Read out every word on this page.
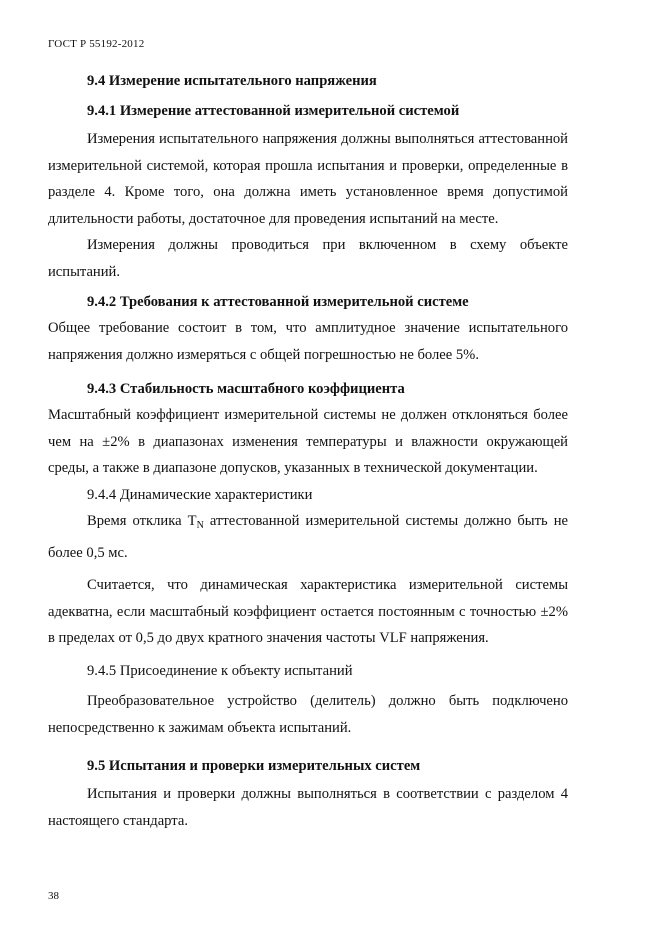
ГОСТ Р 55192-2012

9.4 Измерение испытательного напряжения

9.4.1 Измерение аттестованной измерительной системой

Измерения испытательного напряжения должны выполняться аттестованной измерительной системой, которая прошла испытания и проверки, определенные в разделе 4. Кроме того, она должна иметь установленное время допустимой длительности работы, достаточное для проведения испытаний на месте.

Измерения должны проводиться при включенном в схему объекте испытаний.

9.4.2 Требования к аттестованной измерительной системе

Общее требование состоит в том, что амплитудное значение испытательного напряжения должно измеряться с общей погрешностью не более 5%.

9.4.3 Стабильность масштабного коэффициента

Масштабный коэффициент измерительной системы не должен отклоняться более чем на ±2% в диапазонах изменения температуры и влажности окружающей среды, а также в диапазоне допусков, указанных в технической документации.

9.4.4 Динамические характеристики

Время отклика $T_N$ аттестованной измерительной системы должно быть не более 0,5 мс.

Считается, что динамическая характеристика измерительной системы адекватна, если масштабный коэффициент остается постоянным с точностью ±2% в пределах от 0,5 до двух кратного значения частоты VLF напряжения.

9.4.5 Присоединение к объекту испытаний

Преобразовательное устройство (делитель) должно быть подключено непосредственно к зажимам объекта испытаний.

9.5 Испытания и проверки измерительных систем

Испытания и проверки должны выполняться в соответствии с разделом 4 настоящего стандарта.

38
